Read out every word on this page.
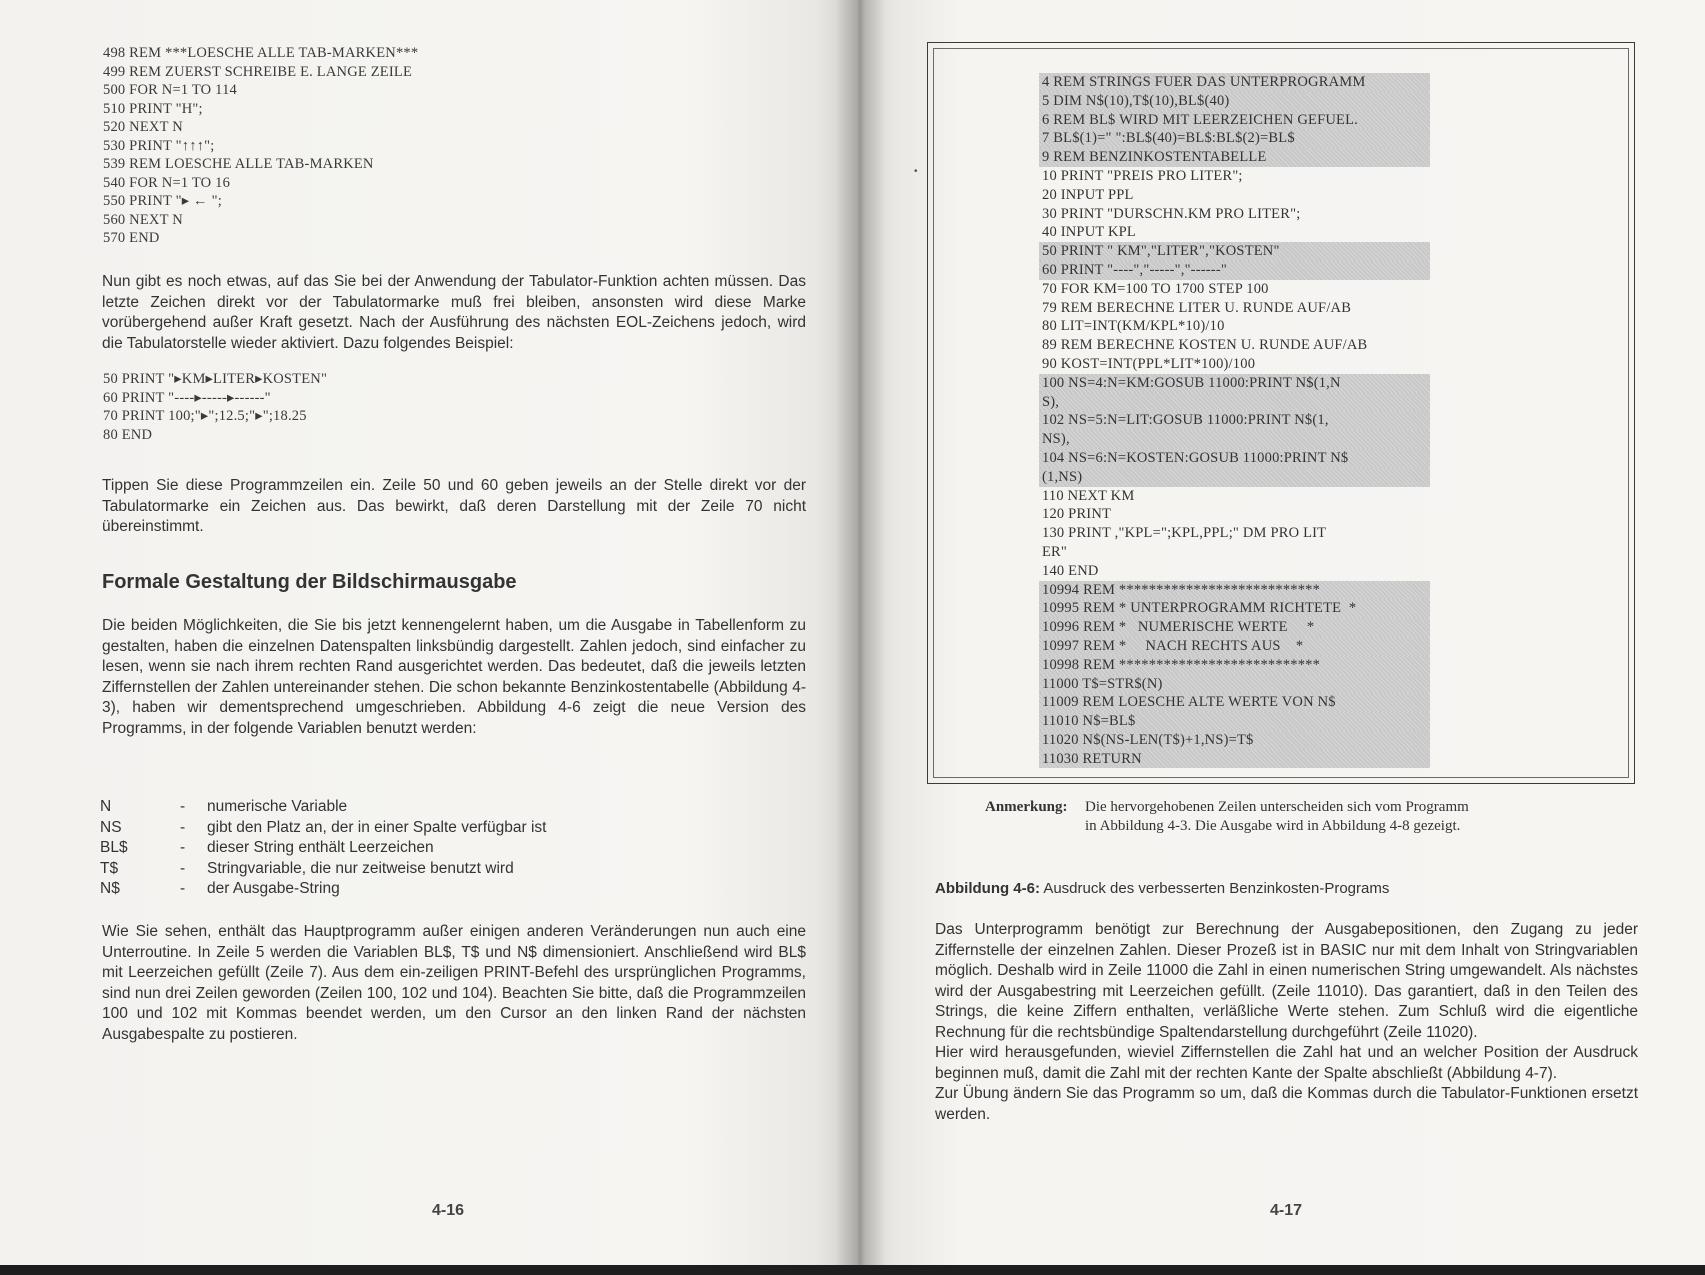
498 REM ***LOESCHE ALLE TAB-MARKEN***
499 REM ZUERST SCHREIBE E. LANGE ZEILE
500 FOR N=1 TO 114
510 PRINT "H";
520 NEXT N
530 PRINT "↑↑↑";
539 REM LOESCHE ALLE TAB-MARKEN
540 FOR N=1 TO 16
550 PRINT "▸ ← ";
560 NEXT N
570 END

Nun gibt es noch etwas, auf das Sie bei der Anwendung der Tabulator-Funktion achten müssen. Das letzte Zeichen direkt vor der Tabulatormarke muß frei bleiben, ansonsten wird diese Marke vorübergehend außer Kraft gesetzt. Nach der Ausführung des nächsten EOL-Zeichens jedoch, wird die Tabulatorstelle wieder aktiviert. Dazu folgendes Beispiel:

50 PRINT "▸KM▸LITER▸KOSTEN"
60 PRINT "----▸-----▸------"
70 PRINT 100;"▸";12.5;"▸";18.25
80 END

Tippen Sie diese Programmzeilen ein. Zeile 50 und 60 geben jeweils an der Stelle direkt vor der Tabulatormarke ein Zeichen aus. Das bewirkt, daß deren Darstellung mit der Zeile 70 nicht übereinstimmt.

Formale Gestaltung der Bildschirmausgabe

Die beiden Möglichkeiten, die Sie bis jetzt kennengelernt haben, um die Ausgabe in Tabellenform zu gestalten, haben die einzelnen Datenspalten linksbündig dargestellt. Zahlen jedoch, sind einfacher zu lesen, wenn sie nach ihrem rechten Rand ausgerichtet werden. Das bedeutet, daß die jeweils letzten Ziffernstellen der Zahlen untereinander stehen. Die schon bekannte Benzinkostentabelle (Abbildung 4-3), haben wir dementsprechend umgeschrieben. Abbildung 4-6 zeigt die neue Version des Programms, in der folgende Variablen benutzt werden:

N	-	numerische Variable
NS	-	gibt den Platz an, der in einer Spalte verfügbar ist
BL$	-	dieser String enthält Leerzeichen
T$	-	Stringvariable, die nur zeitweise benutzt wird
N$	-	der Ausgabe-String

Wie Sie sehen, enthält das Hauptprogramm außer einigen anderen Veränderungen nun auch eine Unterroutine. In Zeile 5 werden die Variablen BL$, T$ und N$ dimensioniert. Anschließend wird BL$ mit Leerzeichen gefüllt (Zeile 7). Aus dem ein-zeiligen PRINT-Befehl des ursprünglichen Programms, sind nun drei Zeilen geworden (Zeilen 100, 102 und 104). Beachten Sie bitte, daß die Programmzeilen 100 und 102 mit Kommas beendet werden, um den Cursor an den linken Rand der nächsten Ausgabespalte zu postieren.

4-16
4 REM STRINGS FUER DAS UNTERPROGRAMM
5 DIM N$(10),T$(10),BL$(40)
6 REM BL$ WIRD MIT LEERZEICHEN GEFUEL.
7 BL$(1)=" ":BL$(40)=BL$:BL$(2)=BL$
9 REM BENZINKOSTENTABELLE
10 PRINT "PREIS PRO LITER";
20 INPUT PPL
30 PRINT "DURSCHN.KM PRO LITER";
40 INPUT KPL
50 PRINT " KM","LITER","KOSTEN"
60 PRINT "----","-----","------"
70 FOR KM=100 TO 1700 STEP 100
79 REM BERECHNE LITER U. RUNDE AUF/AB
80 LIT=INT(KM/KPL*10)/10
89 REM BERECHNE KOSTEN U. RUNDE AUF/AB
90 KOST=INT(PPL*LIT*100)/100
100 NS=4:N=KM:GOSUB 11000:PRINT N$(1,N
S),
102 NS=5:N=LIT:GOSUB 11000:PRINT N$(1,
NS),
104 NS=6:N=KOSTEN:GOSUB 11000:PRINT N$
(1,NS)
110 NEXT KM
120 PRINT
130 PRINT ,"KPL=";KPL,PPL;" DM PRO LIT
ER"
140 END
10994 REM ***************************
10995 REM * UNTERPROGRAMM RICHTETE  *
10996 REM *   NUMERISCHE WERTE     *
10997 REM *     NACH RECHTS AUS    *
10998 REM ***************************
11000 T$=STR$(N)
11009 REM LOESCHE ALTE WERTE VON N$
11010 N$=BL$
11020 N$(NS-LEN(T$)+1,NS)=T$
11030 RETURN
•
Anmerkung: Die hervorgehobenen Zeilen unterscheiden sich vom Programm
in Abbildung 4-3. Die Ausgabe wird in Abbildung 4-8 gezeigt.
Abbildung 4-6: Ausdruck des verbesserten Benzinkosten-Programs

Das Unterprogramm benötigt zur Berechnung der Ausgabepositionen, den Zugang zu jeder Ziffernstelle der einzelnen Zahlen. Dieser Prozeß ist in BASIC nur mit dem Inhalt von Stringvariablen möglich. Deshalb wird in Zeile 11000 die Zahl in einen numerischen String umgewandelt. Als nächstes wird der Ausgabestring mit Leerzeichen gefüllt. (Zeile 11010). Das garantiert, daß in den Teilen des Strings, die keine Ziffern enthalten, verläßliche Werte stehen. Zum Schluß wird die eigentliche Rechnung für die rechtsbündige Spaltendarstellung durchgeführt (Zeile 11020).

Hier wird herausgefunden, wieviel Ziffernstellen die Zahl hat und an welcher Position der Ausdruck beginnen muß, damit die Zahl mit der rechten Kante der Spalte abschließt (Abbildung 4-7).

Zur Übung ändern Sie das Programm so um, daß die Kommas durch die Tabulator-Funktionen ersetzt werden.

4-17
